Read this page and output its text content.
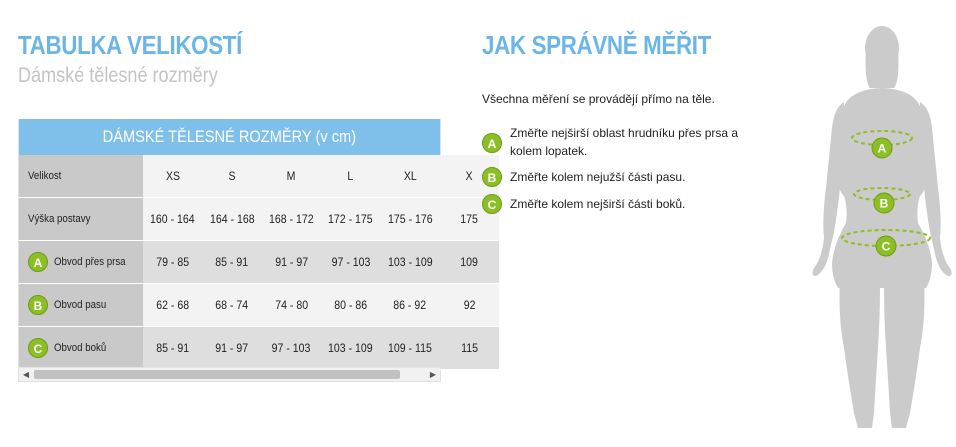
TABULKA VELIKOSTÍ
Dámské tělesné rozměry
DÁMSKÉ TĚLESNÉ ROZMĚRY (v cm)
Velikost	XS	S	M	L	XL	X
Výška postavy	160 - 164	164 - 168	168 - 172	172 - 175	175 - 176	175
A Obvod přes prsa	79 - 85	85 - 91	91 - 97	97 - 103	103 - 109	109
B Obvod pasu	62 - 68	68 - 74	74 - 80	80 - 86	86 - 92	92
C Obvod boků	85 - 91	91 - 97	97 - 103	103 - 109	109 - 115	115
◀	▶
JAK SPRÁVNĚ MĚŘIT

Všechna měření se provádějí přímo na těle.

A
Změřte nejširší oblast hrudníku přes prsa a kolem lopatek.
B	Změřte kolem nejužší části pasu.
C	Změřte kolem nejširší části boků.
A
B
C
